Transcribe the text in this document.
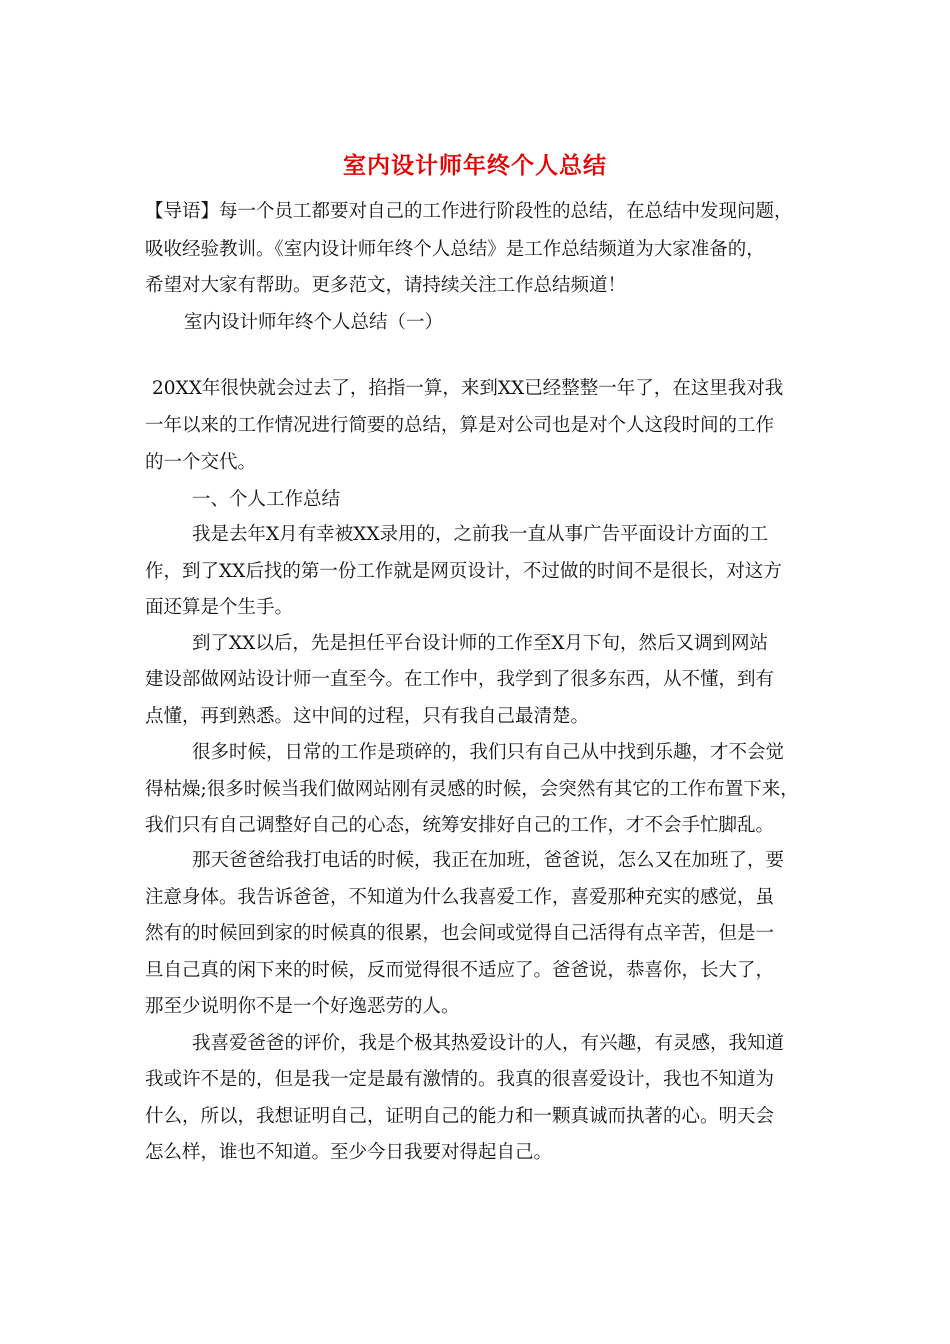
室内设计师年终个人总结
【导语】每一个员工都要对自己的工作进行阶段性的总结，在总结中发现问题，
吸收经验教训。《室内设计师年终个人总结》是工作总结频道为大家准备的，
希望对大家有帮助。更多范文，请持续关注工作总结频道！
室内设计师年终个人总结（一）
20XX年很快就会过去了，掐指一算，来到XX已经整整一年了，在这里我对我
一年以来的工作情况进行简要的总结，算是对公司也是对个人这段时间的工作
的一个交代。
一、个人工作总结
我是去年X月有幸被XX录用的，之前我一直从事广告平面设计方面的工
作，到了XX后找的第一份工作就是网页设计，不过做的时间不是很长，对这方
面还算是个生手。
到了XX以后，先是担任平台设计师的工作至X月下旬，然后又调到网站
建设部做网站设计师一直至今。在工作中，我学到了很多东西，从不懂，到有
点懂，再到熟悉。这中间的过程，只有我自己最清楚。
很多时候，日常的工作是琐碎的，我们只有自己从中找到乐趣，才不会觉
得枯燥;很多时候当我们做网站刚有灵感的时候，会突然有其它的工作布置下来，
我们只有自己调整好自己的心态，统筹安排好自己的工作，才不会手忙脚乱。
那天爸爸给我打电话的时候，我正在加班，爸爸说，怎么又在加班了，要
注意身体。我告诉爸爸，不知道为什么我喜爱工作，喜爱那种充实的感觉，虽
然有的时候回到家的时候真的很累，也会间或觉得自己活得有点辛苦，但是一
旦自己真的闲下来的时候，反而觉得很不适应了。爸爸说，恭喜你，长大了，
那至少说明你不是一个好逸恶劳的人。
我喜爱爸爸的评价，我是个极其热爱设计的人，有兴趣，有灵感，我知道
我或许不是的，但是我一定是最有激情的。我真的很喜爱设计，我也不知道为
什么，所以，我想证明自己，证明自己的能力和一颗真诚而执著的心。明天会
怎么样，谁也不知道。至少今日我要对得起自己。
